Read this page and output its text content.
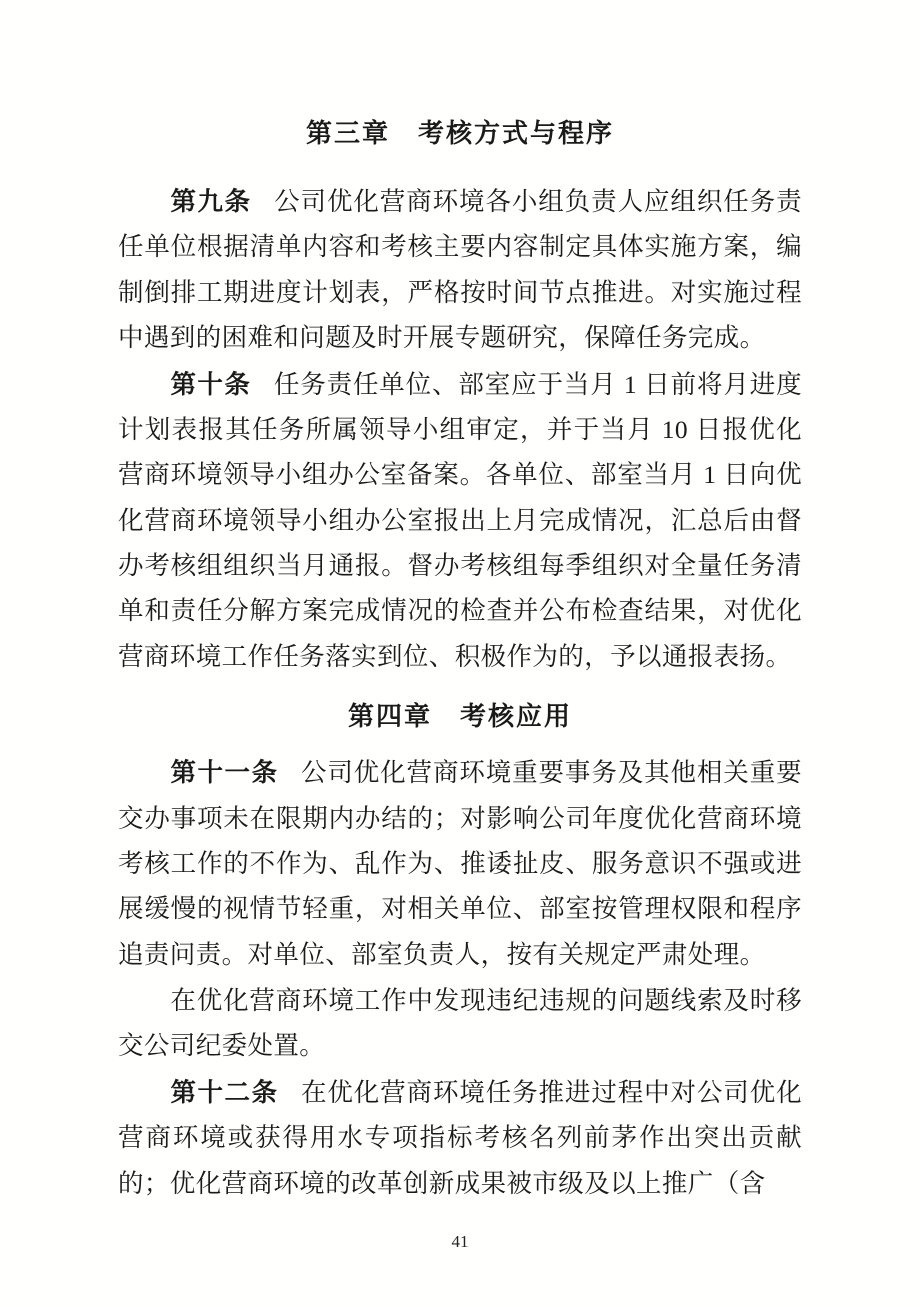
第三章 考核方式与程序
第九条 公司优化营商环境各小组负责人应组织任务责任单位根据清单内容和考核主要内容制定具体实施方案，编制倒排工期进度计划表，严格按时间节点推进。对实施过程中遇到的困难和问题及时开展专题研究，保障任务完成。
第十条 任务责任单位、部室应于当月 1 日前将月进度计划表报其任务所属领导小组审定，并于当月 10 日报优化营商环境领导小组办公室备案。各单位、部室当月 1 日向优化营商环境领导小组办公室报出上月完成情况，汇总后由督办考核组组织当月通报。督办考核组每季组织对全量任务清单和责任分解方案完成情况的检查并公布检查结果，对优化营商环境工作任务落实到位、积极作为的，予以通报表扬。
第四章 考核应用
第十一条 公司优化营商环境重要事务及其他相关重要交办事项未在限期内办结的；对影响公司年度优化营商环境考核工作的不作为、乱作为、推诿扯皮、服务意识不强或进展缓慢的视情节轻重，对相关单位、部室按管理权限和程序追责问责。对单位、部室负责人，按有关规定严肃处理。
在优化营商环境工作中发现违纪违规的问题线索及时移交公司纪委处置。
第十二条 在优化营商环境任务推进过程中对公司优化营商环境或获得用水专项指标考核名列前茅作出突出贡献的；优化营商环境的改革创新成果被市级及以上推广（含
41
